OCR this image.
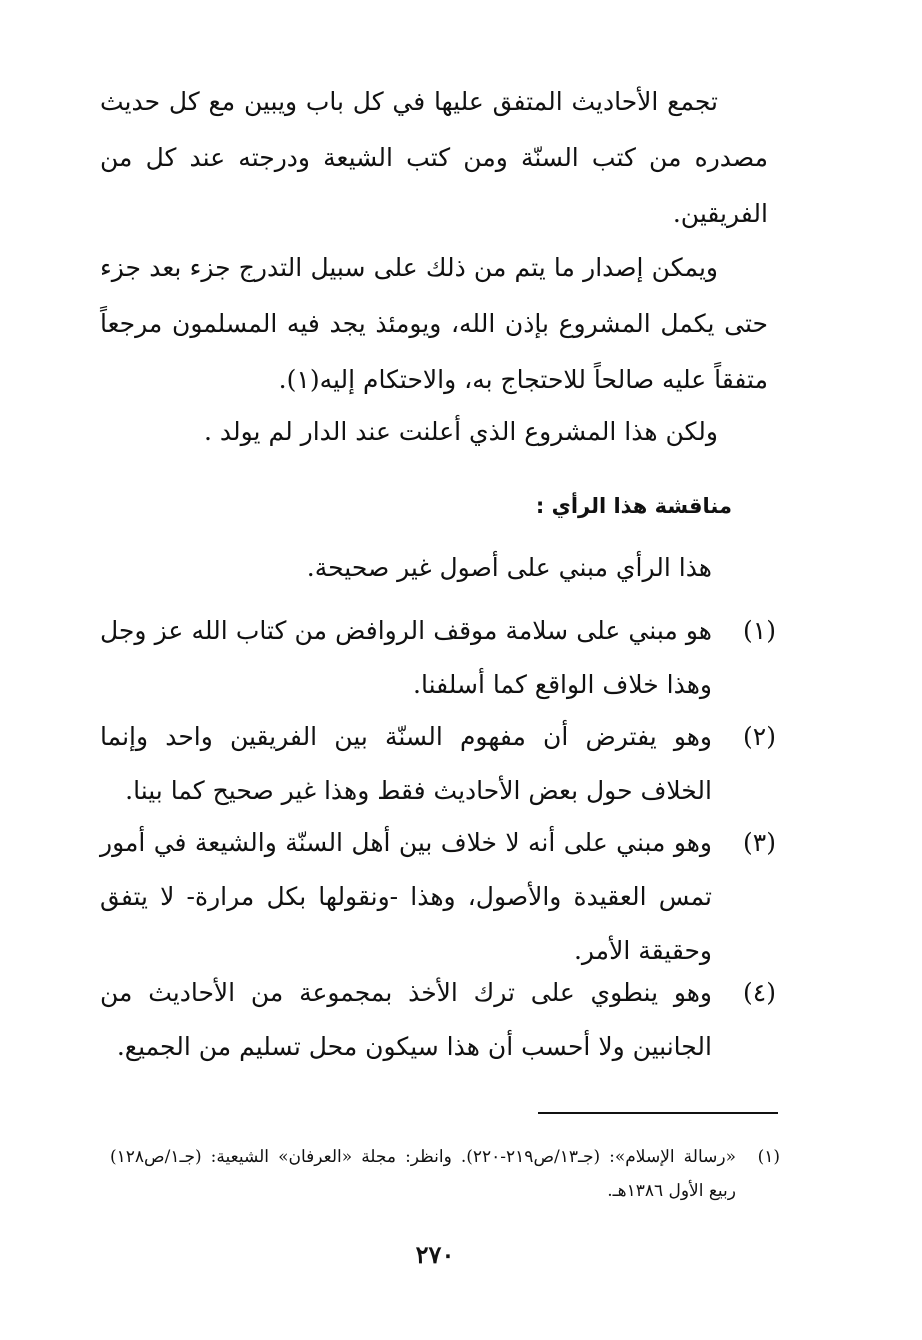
تجمع الأحاديث المتفق عليها في كل باب ويبين مع كل حديث مصدره من كتب السنّة ومن كتب الشيعة ودرجته عند كل من الفريقين.

ويمكن إصدار ما يتم من ذلك على سبيل التدرج جزء بعد جزء حتى يكمل المشروع بإذن الله، ويومئذ يجد فيه المسلمون مرجعاً متفقاً عليه صالحاً للاحتجاج به، والاحتكام إليه(١).

ولكن هذا المشروع الذي أعلنت عند الدار لم يولد .

مناقشة هذا الرأي :

هذا الرأي مبني على أصول غير صحيحة.

(١)
هو مبني على سلامة موقف الروافض من كتاب الله عز وجل وهذا خلاف الواقع كما أسلفنا.
(٢)
وهو يفترض أن مفهوم السنّة بين الفريقين واحد وإنما الخلاف حول بعض الأحاديث فقط وهذا غير صحيح كما بينا.
(٣)
وهو مبني على أنه لا خلاف بين أهل السنّة والشيعة في أمور تمس العقيدة والأصول، وهذا -ونقولها بكل مرارة- لا يتفق وحقيقة الأمر.
(٤)
وهو ينطوي على ترك الأخذ بمجموعة من الأحاديث من الجانبين ولا أحسب أن هذا سيكون محل تسليم من الجميع.
(١)
«رسالة الإسلام»: (جـ١٣/ص٢١٩-٢٢٠). وانظر: مجلة «العرفان» الشيعية: (جـ١/ص١٢٨) ربيع الأول ١٣٨٦هـ.
٢٧٠
